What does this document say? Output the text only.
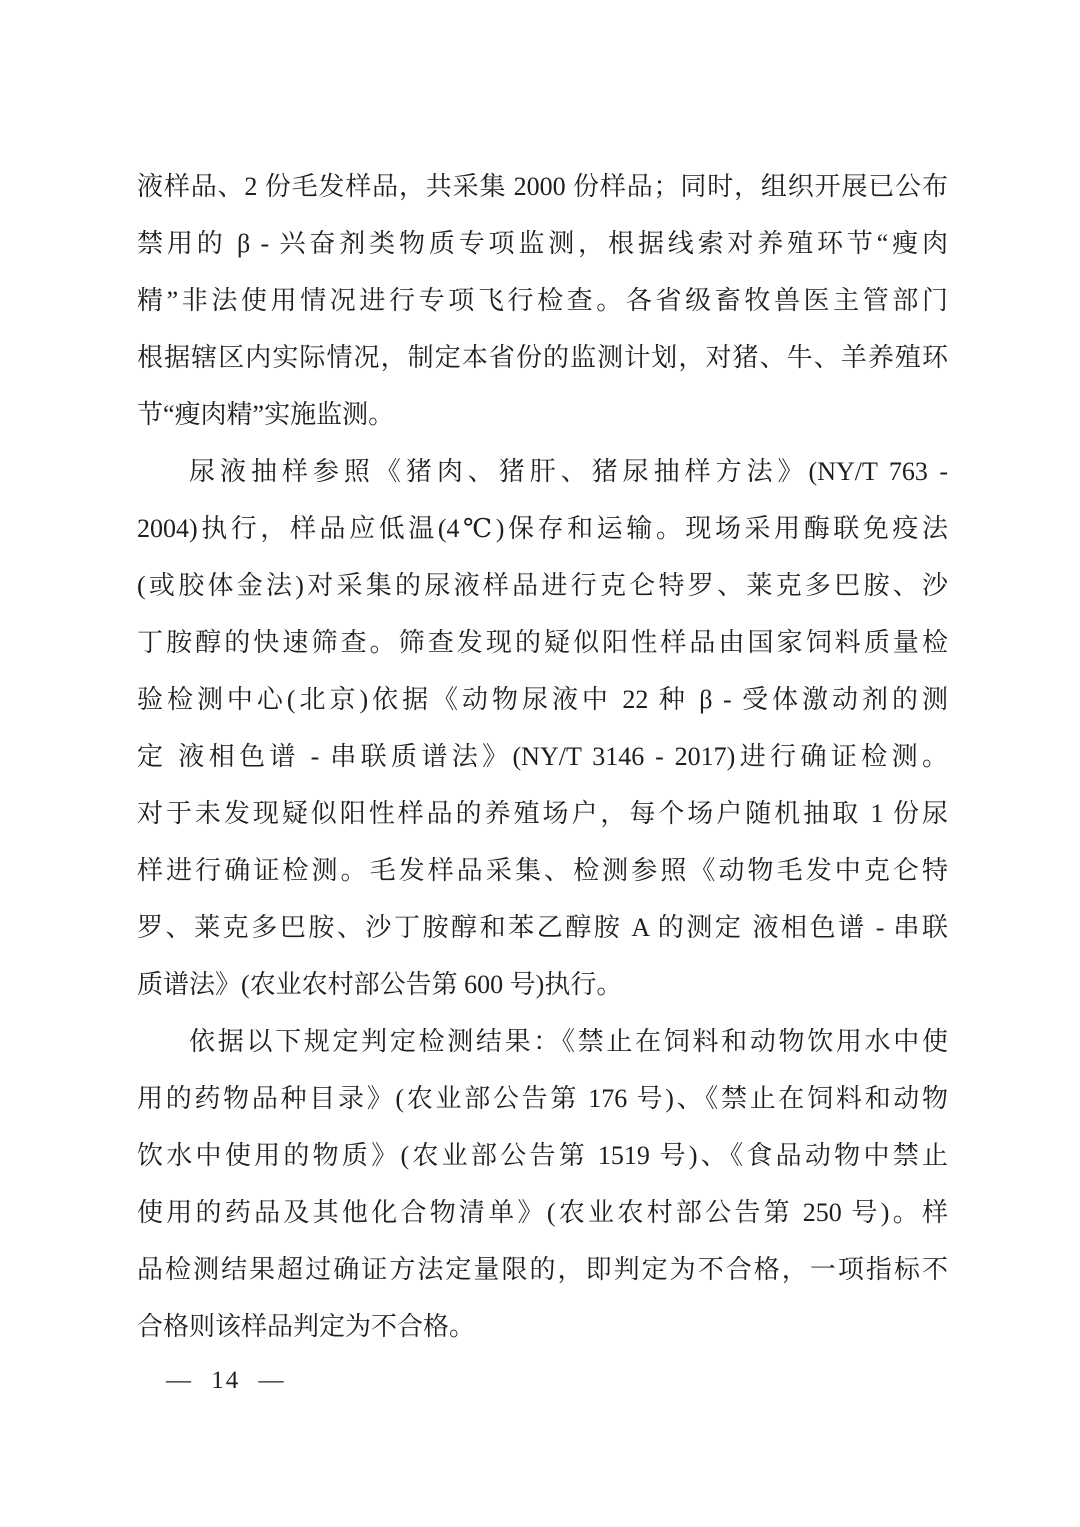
液样品、2 份毛发样品，共采集 2000 份样品；同时，组织开展已公布
禁用的 β - 兴奋剂类物质专项监测，根据线索对养殖环节“瘦肉
精”非法使用情况进行专项飞行检查。各省级畜牧兽医主管部门
根据辖区内实际情况，制定本省份的监测计划，对猪、牛、羊养殖环
节“瘦肉精”实施监测。
尿液抽样参照《猪肉、猪肝、猪尿抽样方法》(NY/T 763 -
2004)执行，样品应低温(4℃)保存和运输。现场采用酶联免疫法
(或胶体金法)对采集的尿液样品进行克仑特罗、莱克多巴胺、沙
丁胺醇的快速筛查。筛查发现的疑似阳性样品由国家饲料质量检
验检测中心(北京)依据《动物尿液中 22 种 β - 受体激动剂的测
定 液相色谱 - 串联质谱法》(NY/T 3146 - 2017)进行确证检测。
对于未发现疑似阳性样品的养殖场户，每个场户随机抽取 1 份尿
样进行确证检测。毛发样品采集、检测参照《动物毛发中克仑特
罗、莱克多巴胺、沙丁胺醇和苯乙醇胺 A 的测定 液相色谱 - 串联
质谱法》(农业农村部公告第 600 号)执行。
依据以下规定判定检测结果：《禁止在饲料和动物饮用水中使
用的药物品种目录》(农业部公告第 176 号)、《禁止在饲料和动物
饮水中使用的物质》(农业部公告第 1519 号)、《食品动物中禁止
使用的药品及其他化合物清单》(农业农村部公告第 250 号)。样
品检测结果超过确证方法定量限的，即判定为不合格，一项指标不
合格则该样品判定为不合格。
— 14 —
